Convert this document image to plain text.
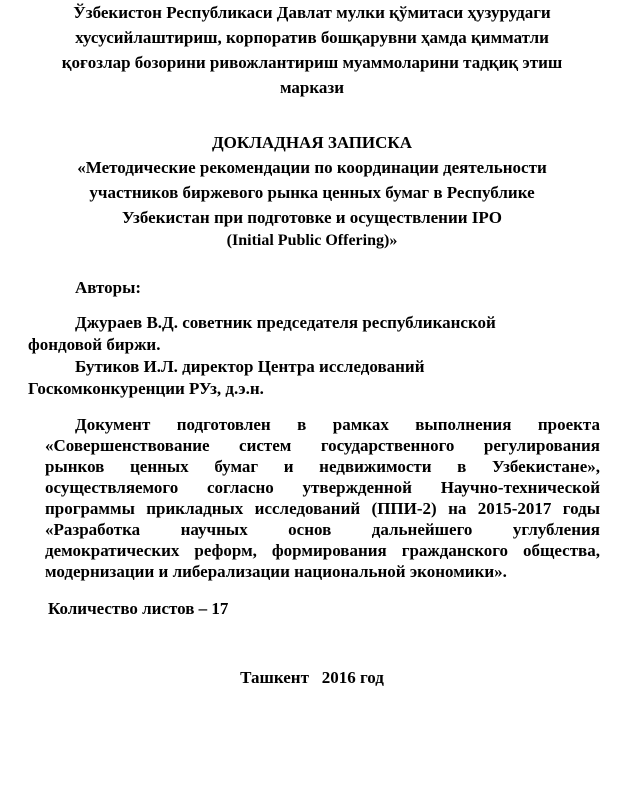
Ўзбекистон Республикаси Давлат мулки қўмитаси ҳузурудаги
хусусийлаштириш, корпоратив бошқарувни ҳамда қимматли
қоғозлар бозорини ривожлантириш муаммоларини тадқиқ этиш
маркази
ДОКЛАДНАЯ ЗАПИСКА
«Методические рекомендации по координации деятельности
участников биржевого рынка ценных бумаг в Республике
Узбекистан при подготовке и осуществлении IPO
(Initial Public Offering)»
Авторы:
Джураев В.Д. советник председателя республиканской
фондовой биржи.
Бутиков И.Л. директор Центра исследований
Госкомконкуренции РУз, д.э.н.
Документ подготовлен в рамках выполнения проекта
«Совершенствование систем государственного регулирования
рынков ценных бумаг и недвижимости в Узбекистане»,
осуществляемого согласно утвержденной Научно-технической
программы прикладных исследований (ППИ-2) на 2015-2017 годы
«Разработка научных основ дальнейшего углубления
демократических реформ, формирования гражданского общества,
модернизации и либерализации национальной экономики».
Количество листов – 17
Ташкент   2016 год
